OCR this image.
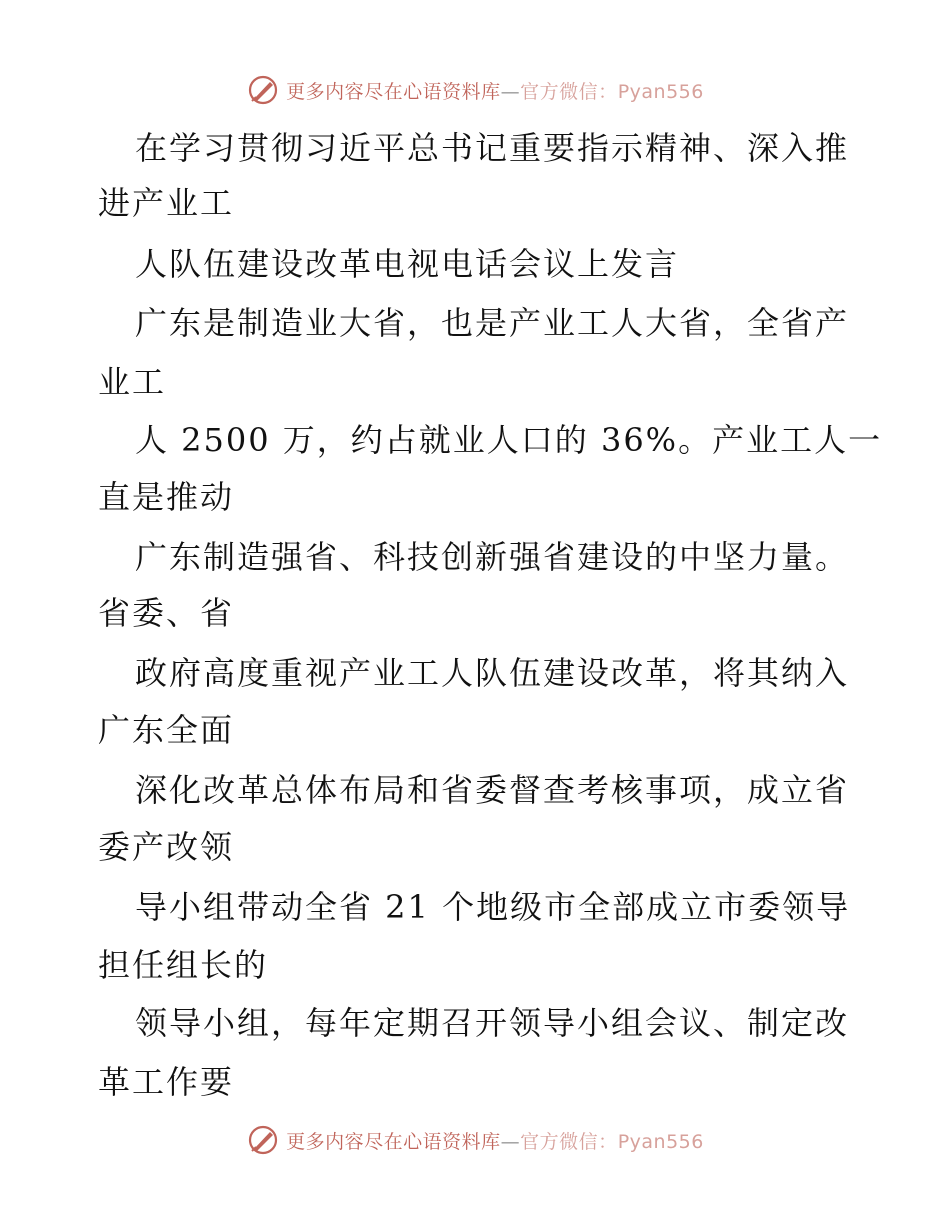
更多内容尽在心语资料库—官方微信：Pyan556
在学习贯彻习近平总书记重要指示精神、深入推
进产业工
人队伍建设改革电视电话会议上发言
广东是制造业大省，也是产业工人大省，全省产
业工
人 2500 万，约占就业人口的 36%。产业工人一
直是推动
广东制造强省、科技创新强省建设的中坚力量。
省委、省
政府高度重视产业工人队伍建设改革，将其纳入
广东全面
深化改革总体布局和省委督查考核事项，成立省
委产改领
导小组带动全省 21 个地级市全部成立市委领导
担任组长的
领导小组，每年定期召开领导小组会议、制定改
革工作要
更多内容尽在心语资料库—官方微信：Pyan556
